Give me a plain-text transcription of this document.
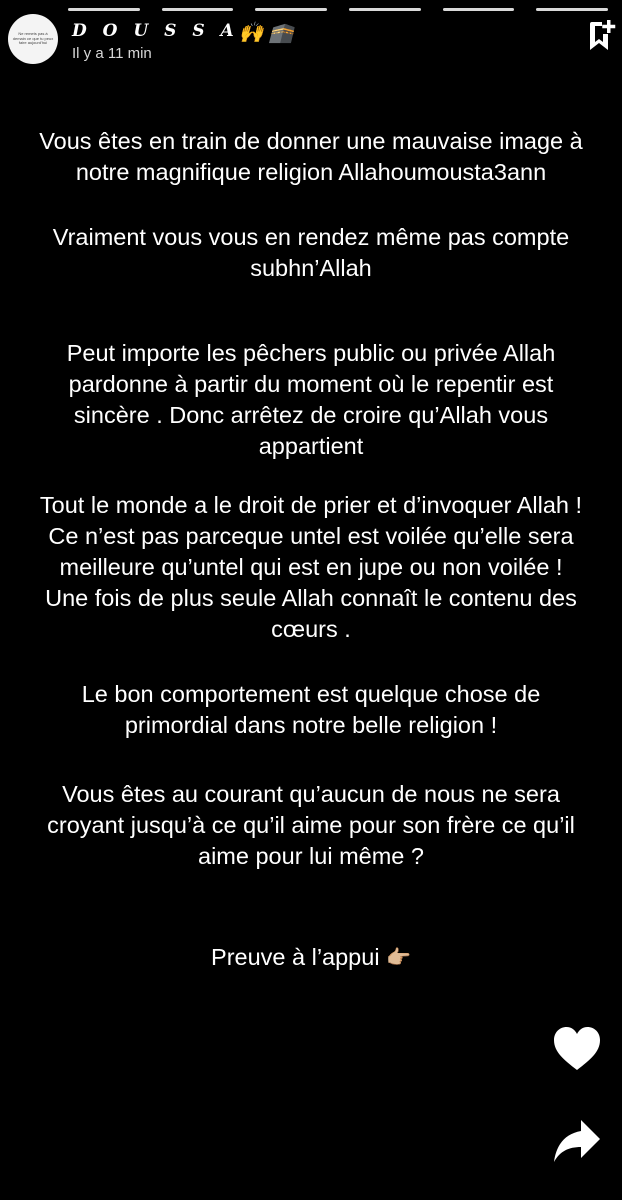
Ne remets pas à demain ce que tu peux faire aujourd'hui
D O U S S A🙌🕋
Il y a 11 min

Vous êtes en train de donner une mauvaise image à
notre magnifique religion Allahoumousta3ann

Vraiment vous vous en rendez même pas compte
subhn’Allah

Peut importe les pêchers public ou privée Allah
pardonne à partir du moment où le repentir est
sincère . Donc arrêtez de croire qu’Allah vous
appartient

Tout le monde a le droit de prier et d’invoquer Allah !
Ce n’est pas parceque untel est voilée qu’elle sera
meilleure qu’untel qui est en jupe ou non voilée !
Une fois de plus seule Allah connaît le contenu des
cœurs .

Le bon comportement est quelque chose de
primordial dans notre belle religion !

Vous êtes au courant qu’aucun de nous ne sera
croyant jusqu’à ce qu’il aime pour son frère ce qu’il
aime pour lui même ?

Preuve à l’appui 👉🏼
